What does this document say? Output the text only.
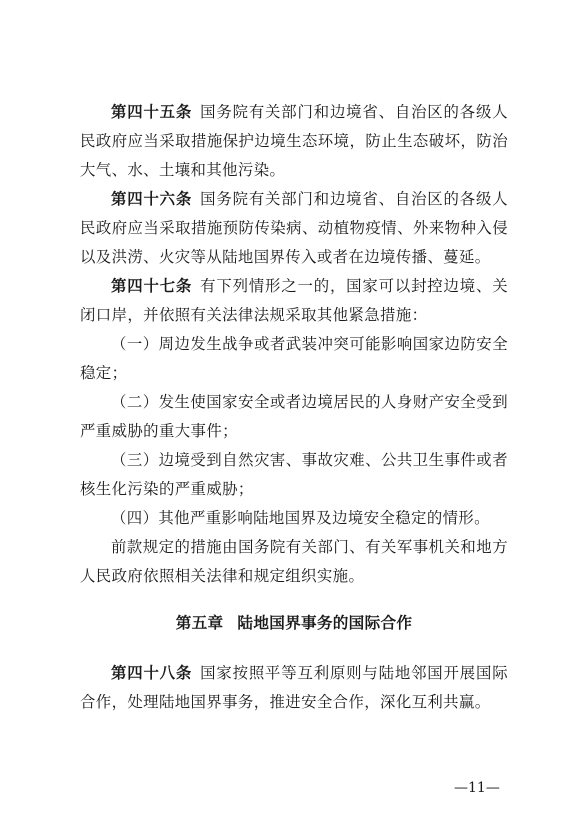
第四十五条 国务院有关部门和边境省、自治区的各级人民政府应当采取措施保护边境生态环境，防止生态破坏，防治大气、水、土壤和其他污染。

第四十六条 国务院有关部门和边境省、自治区的各级人民政府应当采取措施预防传染病、动植物疫情、外来物种入侵以及洪涝、火灾等从陆地国界传入或者在边境传播、蔓延。

第四十七条 有下列情形之一的，国家可以封控边境、关闭口岸，并依照有关法律法规采取其他紧急措施：

（一）周边发生战争或者武装冲突可能影响国家边防安全稳定；

（二）发生使国家安全或者边境居民的人身财产安全受到严重威胁的重大事件；

（三）边境受到自然灾害、事故灾难、公共卫生事件或者核生化污染的严重威胁；

（四）其他严重影响陆地国界及边境安全稳定的情形。

前款规定的措施由国务院有关部门、有关军事机关和地方人民政府依照相关法律和规定组织实施。

第五章 陆地国界事务的国际合作

第四十八条 国家按照平等互利原则与陆地邻国开展国际合作，处理陆地国界事务，推进安全合作，深化互利共赢。

—11—
